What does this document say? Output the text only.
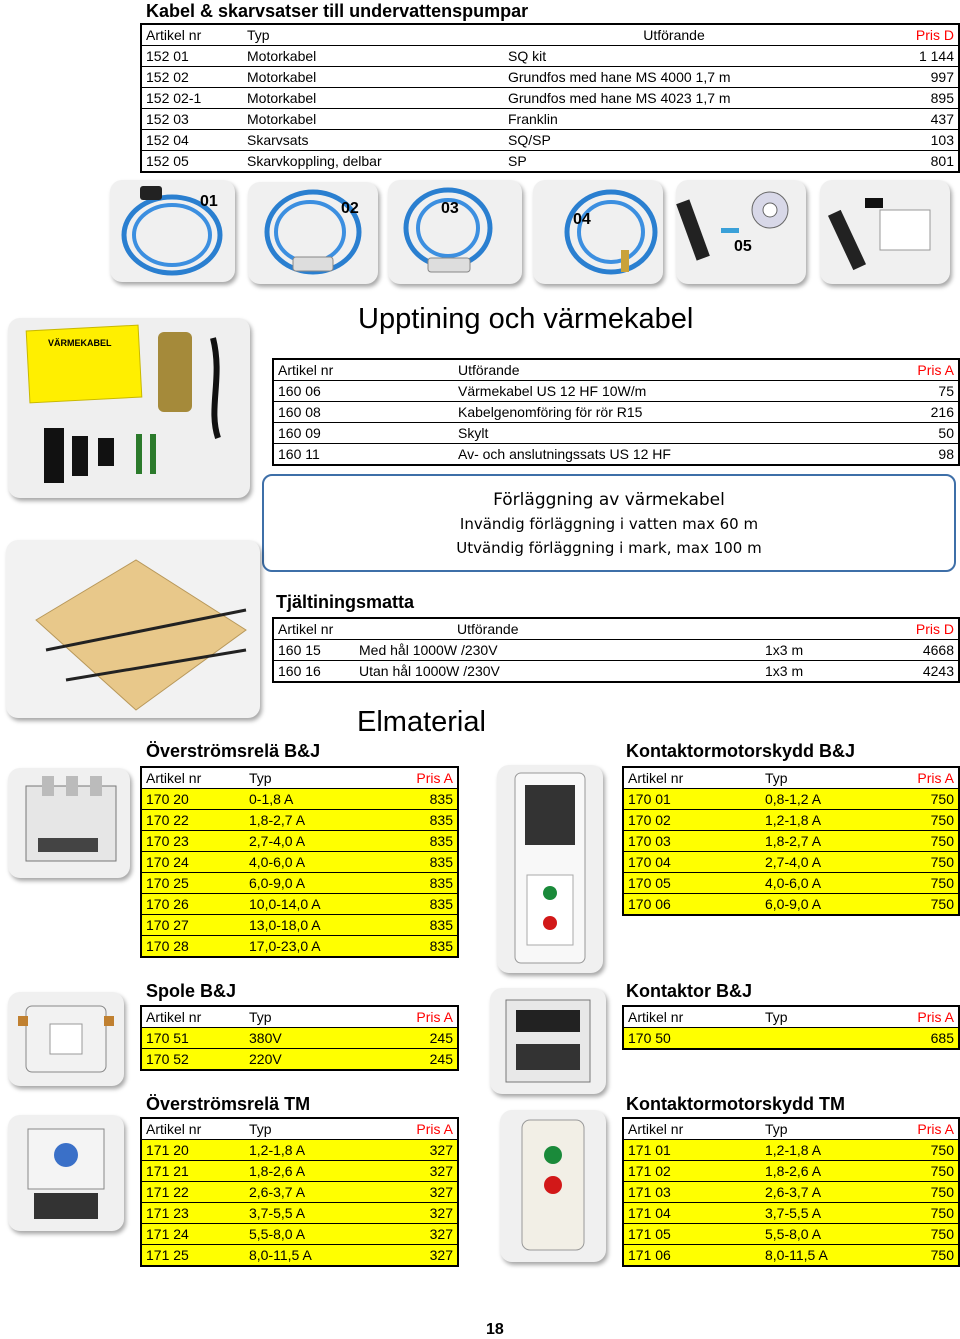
Kabel & skarvsatser till undervattenspumpar
Artikel nr	Typ	Utförande	Pris D
152 01	Motorkabel	SQ kit	1 144
152 02	Motorkabel	Grundfos med hane MS 4000 1,7 m	997
152 02-1	Motorkabel	Grundfos med hane MS 4023 1,7 m	895
152 03	Motorkabel	Franklin	437
152 04	Skarvsats	SQ/SP	103
152 05	Skarvkoppling, delbar	SP	801
01	02	03
04
05
VÄRMEKABEL
Upptining och värmekabel
Artikel nr	Utförande	Pris A
160 06	Värmekabel US 12 HF 10W/m	75
160 08	Kabelgenomföring för rör R15	216
160 09	Skylt	50
160 11	Av- och anslutningssats US 12 HF	98
Förläggning av värmekabel
Invändig förläggning i vatten max 60 m
Utvändig förläggning i mark, max 100 m
Tjältiningsmatta
Artikel nr	Utförande		Pris D
160 15	Med hål 1000W /230V	1x3 m	4668
160 16	Utan hål 1000W /230V	1x3 m	4243
Elmaterial
Överströmsrelä B&J
Artikel nr	Typ	Pris A
170 20	0-1,8 A	835
170 22	1,8-2,7 A	835
170 23	2,7-4,0 A	835
170 24	4,0-6,0 A	835
170 25	6,0-9,0 A	835
170 26	10,0-14,0 A	835
170 27	13,0-18,0 A	835
170 28	17,0-23,0 A	835
Kontaktormotorskydd B&J
Artikel nr	Typ	Pris A
170 01	0,8-1,2 A	750
170 02	1,2-1,8 A	750
170 03	1,8-2,7 A	750
170 04	2,7-4,0 A	750
170 05	4,0-6,0 A	750
170 06	6,0-9,0 A	750
Spole B&J
Artikel nr	Typ	Pris A
170 51	380V	245
170 52	220V	245
Kontaktor B&J
Artikel nr	Typ	Pris A
170 50		685
Överströmsrelä TM
Artikel nr	Typ	Pris A
171 20	1,2-1,8 A	327
171 21	1,8-2,6 A	327
171 22	2,6-3,7 A	327
171 23	3,7-5,5 A	327
171 24	5,5-8,0 A	327
171 25	8,0-11,5 A	327
Kontaktormotorskydd TM
Artikel nr	Typ	Pris A
171 01	1,2-1,8 A	750
171 02	1,8-2,6 A	750
171 03	2,6-3,7 A	750
171 04	3,7-5,5 A	750
171 05	5,5-8,0 A	750
171 06	8,0-11,5 A	750
18
